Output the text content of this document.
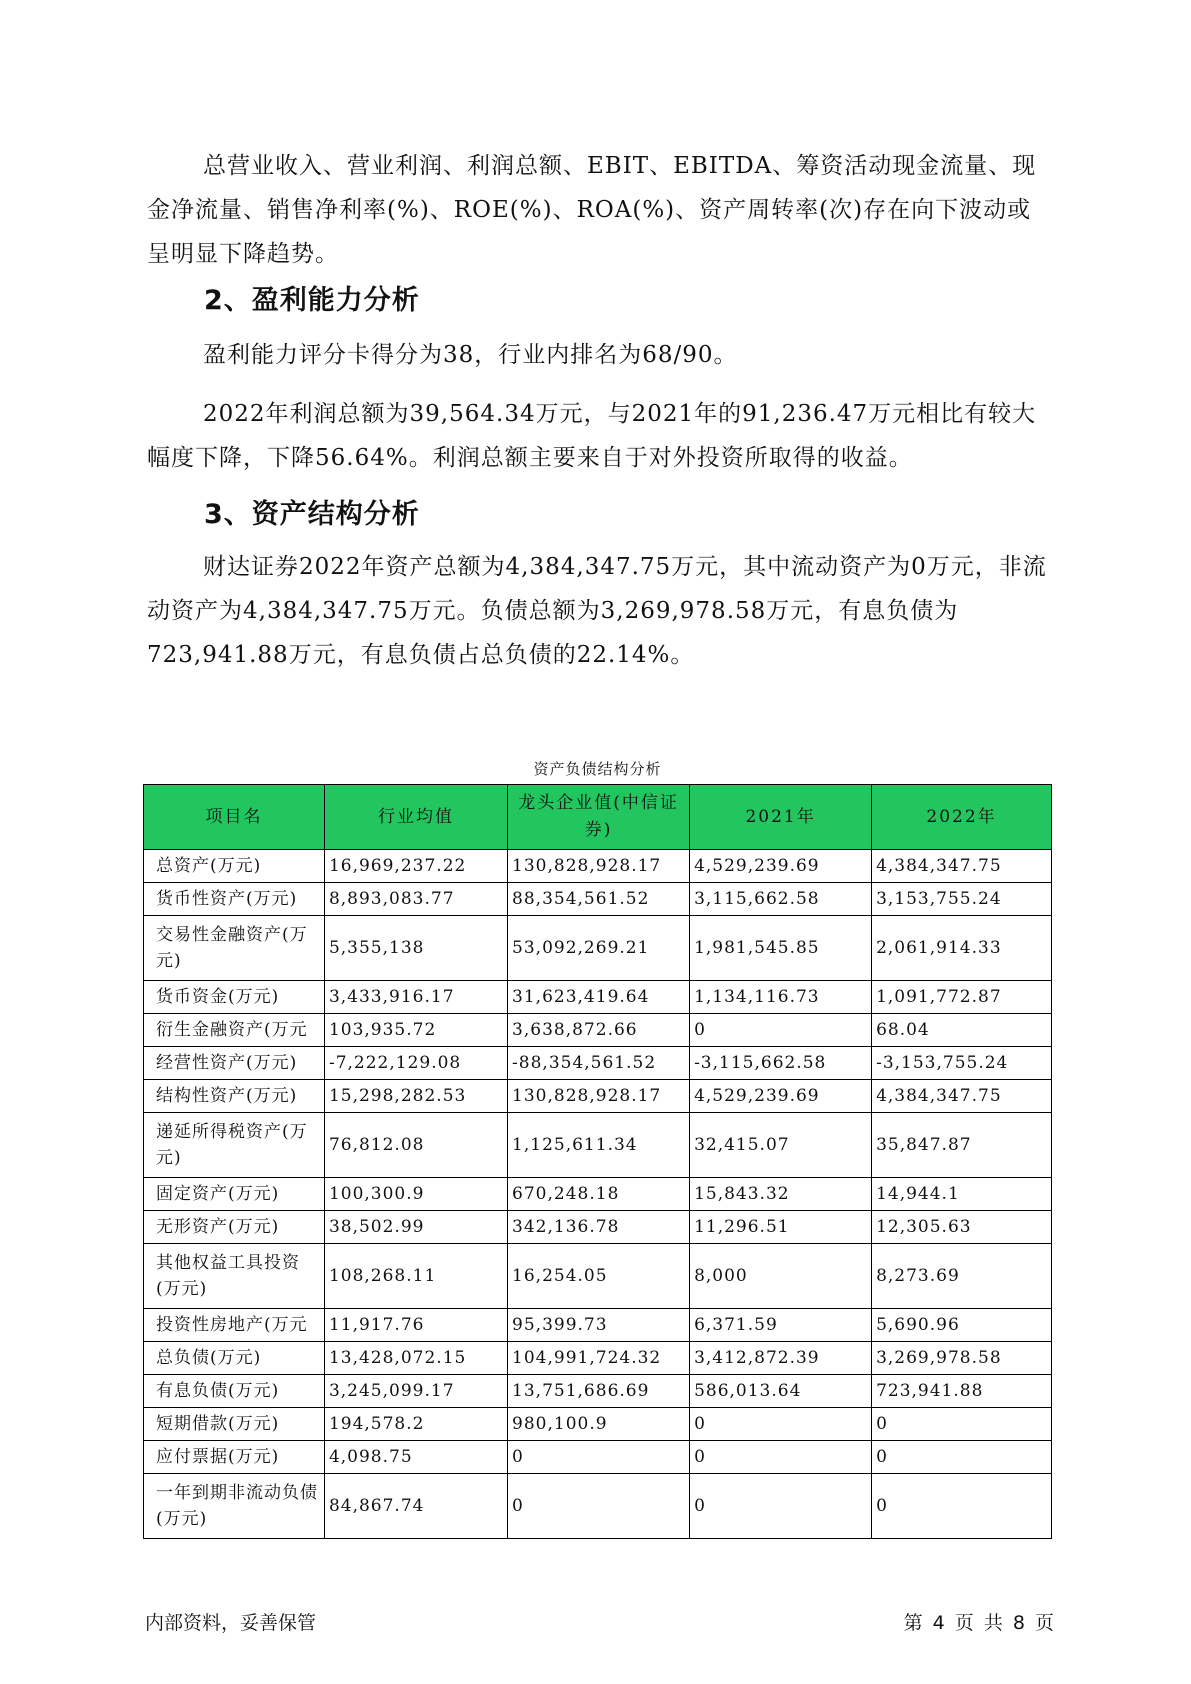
总营业收入、营业利润、利润总额、EBIT、EBITDA、筹资活动现金流量、现金净流量、销售净利率(%)、ROE(%)、ROA(%)、资产周转率(次)存在向下波动或呈明显下降趋势。

2、盈利能力分析

盈利能力评分卡得分为38，行业内排名为68/90。

2022年利润总额为39,564.34万元，与2021年的91,236.47万元相比有较大幅度下降，下降56.64%。利润总额主要来自于对外投资所取得的收益。

3、资产结构分析

财达证券2022年资产总额为4,384,347.75万元，其中流动资产为0万元，非流动资产为4,384,347.75万元。负债总额为3,269,978.58万元，有息负债为723,941.88万元，有息负债占总负债的22.14%。

资产负债结构分析

项目名	行业均值	龙头企业值(中信证券)	2021年	2022年
总资产(万元)	16,969,237.22	130,828,928.17	4,529,239.69	4,384,347.75
货币性资产(万元)	8,893,083.77	88,354,561.52	3,115,662.58	3,153,755.24
交易性金融资产(万元)	5,355,138	53,092,269.21	1,981,545.85	2,061,914.33
货币资金(万元)	3,433,916.17	31,623,419.64	1,134,116.73	1,091,772.87
衍生金融资产(万元	103,935.72	3,638,872.66	0	68.04
经营性资产(万元)	-7,222,129.08	-88,354,561.52	-3,115,662.58	-3,153,755.24
结构性资产(万元)	15,298,282.53	130,828,928.17	4,529,239.69	4,384,347.75
递延所得税资产(万元)	76,812.08	1,125,611.34	32,415.07	35,847.87
固定资产(万元)	100,300.9	670,248.18	15,843.32	14,944.1
无形资产(万元)	38,502.99	342,136.78	11,296.51	12,305.63
其他权益工具投资(万元)	108,268.11	16,254.05	8,000	8,273.69
投资性房地产(万元	11,917.76	95,399.73	6,371.59	5,690.96
总负债(万元)	13,428,072.15	104,991,724.32	3,412,872.39	3,269,978.58
有息负债(万元)	3,245,099.17	13,751,686.69	586,013.64	723,941.88
短期借款(万元)	194,578.2	980,100.9	0	0
应付票据(万元)	4,098.75	0	0	0
一年到期非流动负债(万元)	84,867.74	0	0	0

内部资料，妥善保管	第 4 页 共 8 页
